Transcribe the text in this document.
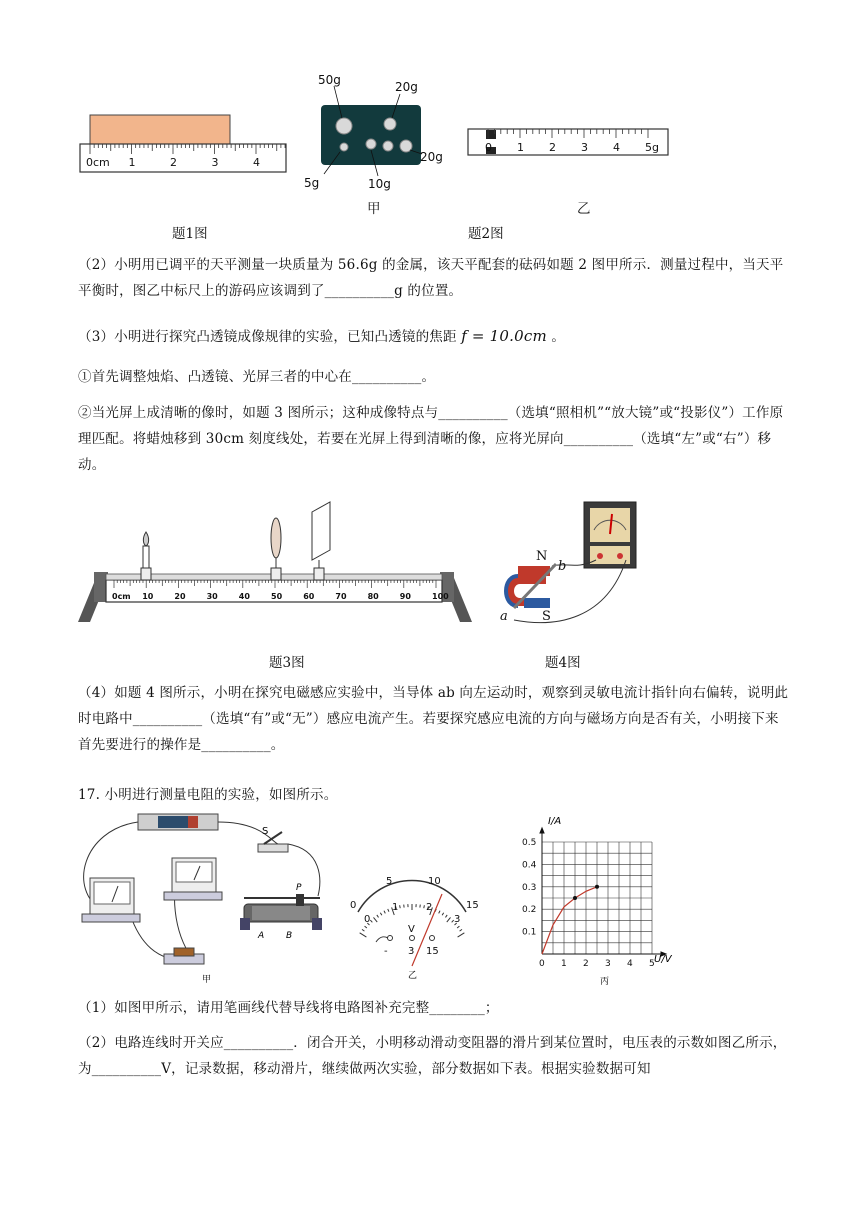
0cm 1	2	3	4
题1图
50g	20g
20g
5g	10g
甲
0 1 2 3 4 5g
乙
题2图
（2）小明用已调平的天平测量一块质量为 56.6g 的金属，该天平配套的砝码如题 2 图甲所示．测量过程中，当天平平衡时，图乙中标尺上的游码应该调到了__________g 的位置。
（3）小明进行探究凸透镜成像规律的实验，已知凸透镜的焦距 f = 10.0cm 。
①首先调整烛焰、凸透镜、光屏三者的中心在__________。
②当光屏上成清晰的像时，如题 3 图所示；这种成像特点与__________（选填“照相机”“放大镜”或“投影仪”）工作原理匹配。将蜡烛移到 30cm 刻度线处，若要在光屏上得到清晰的像，应将光屏向__________（选填“左”或“右”）移动。
0cm 10	20	30	40	50	60	70	80	90	100
题3图
N
b
a	S
题4图
（4）如题 4 图所示，小明在探究电磁感应实验中，当导体 ab 向左运动时，观察到灵敏电流计指针向右偏转，说明此时电路中__________（选填“有”或“无”）感应电流产生。若要探究感应电流的方向与磁场方向是否有关，小明接下来首先要进行的操作是__________。
17. 小明进行测量电阻的实验，如图所示。
S
P
A B
甲
0
5	10
15
0
1	2
3
V
- 3 15
乙
0 1 2 3 4 5
0.1
0.2
0.3
0.4
0.5
I/A
U/V
丙
（1）如图甲所示，请用笔画线代替导线将电路图补充完整________；
（2）电路连线时开关应__________．闭合开关，小明移动滑动变阻器的滑片到某位置时，电压表的示数如图乙所示，为__________V，记录数据，移动滑片，继续做两次实验，部分数据如下表。根据实验数据可知
